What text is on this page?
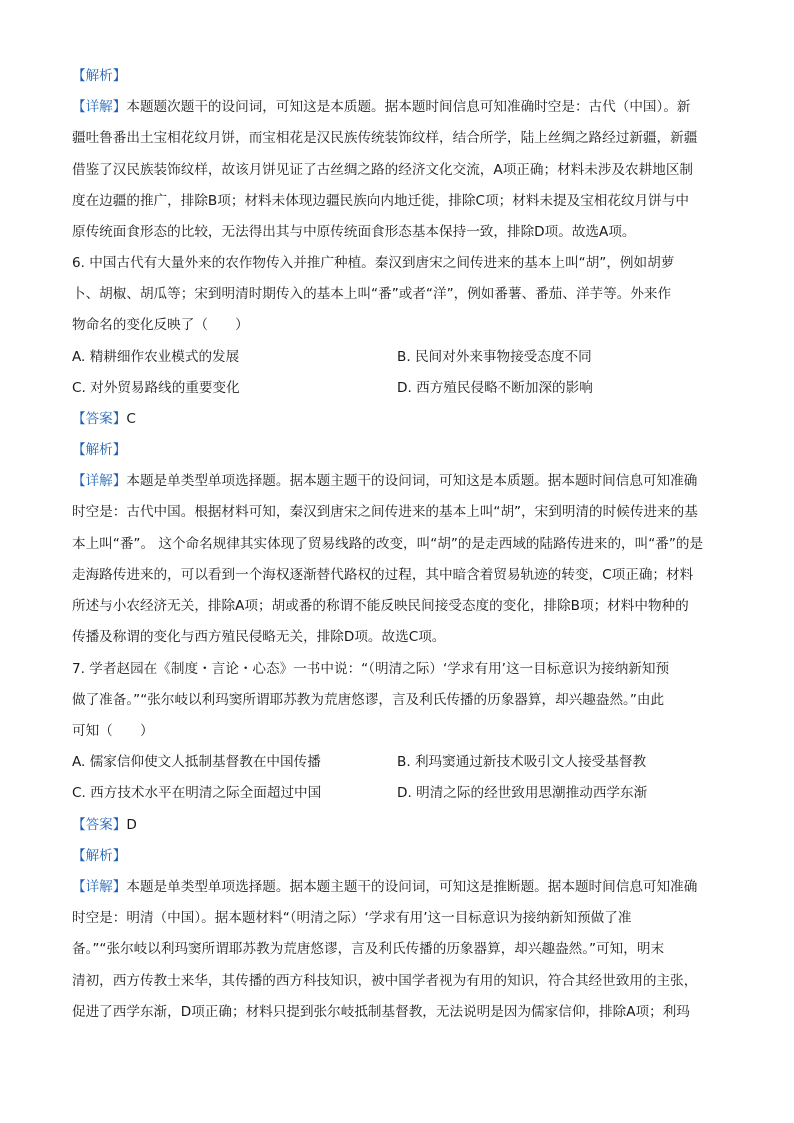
【解析】
【详解】本题题次题干的设问词，可知这是本质题。据本题时间信息可知准确时空是：古代（中国）。新
疆吐鲁番出土宝相花纹月饼，而宝相花是汉民族传统装饰纹样，结合所学，陆上丝绸之路经过新疆，新疆
借鉴了汉民族装饰纹样，故该月饼见证了古丝绸之路的经济文化交流，A项正确；材料未涉及农耕地区制
度在边疆的推广，排除B项；材料未体现边疆民族向内地迁徙，排除C项；材料未提及宝相花纹月饼与中
原传统面食形态的比较，无法得出其与中原传统面食形态基本保持一致，排除D项。故选A项。
6. 中国古代有大量外来的农作物传入并推广种植。秦汉到唐宋之间传进来的基本上叫“胡”，例如胡萝
卜、胡椒、胡瓜等；宋到明清时期传入的基本上叫“番”或者“洋”，例如番薯、番茄、洋芋等。外来作
物命名的变化反映了（　　）
A. 精耕细作农业模式的发展	B. 民间对外来事物接受态度不同
C. 对外贸易路线的重要变化	D. 西方殖民侵略不断加深的影响
【答案】C
【解析】
【详解】本题是单类型单项选择题。据本题主题干的设问词，可知这是本质题。据本题时间信息可知准确
时空是：古代中国。根据材料可知，秦汉到唐宋之间传进来的基本上叫“胡”，宋到明清的时候传进来的基
本上叫“番”。 这个命名规律其实体现了贸易线路的改变，叫“胡”的是走西域的陆路传进来的，叫“番”的是
走海路传进来的，可以看到一个海权逐渐替代路权的过程，其中暗含着贸易轨迹的转变，C项正确；材料
所述与小农经济无关，排除A项；胡或番的称谓不能反映民间接受态度的变化，排除B项；材料中物种的
传播及称谓的变化与西方殖民侵略无关，排除D项。故选C项。
7. 学者赵园在《制度・言论・心态》一书中说：“（明清之际）‘学求有用’这一目标意识为接纳新知预
做了准备。”“张尔岐以利玛窦所谓耶苏教为荒唐悠谬，言及利氏传播的历象器算，却兴趣盎然。”由此
可知（　　）
A. 儒家信仰使文人抵制基督教在中国传播	B. 利玛窦通过新技术吸引文人接受基督教
C. 西方技术水平在明清之际全面超过中国	D. 明清之际的经世致用思潮推动西学东渐
【答案】D
【解析】
【详解】本题是单类型单项选择题。据本题主题干的设问词，可知这是推断题。据本题时间信息可知准确
时空是：明清（中国）。据本题材料“（明清之际）‘学求有用’这一目标意识为接纳新知预做了准
备。”“张尔岐以利玛窦所谓耶苏教为荒唐悠谬，言及利氏传播的历象器算，却兴趣盎然。”可知，明末
清初，西方传教士来华，其传播的西方科技知识，被中国学者视为有用的知识，符合其经世致用的主张，
促进了西学东渐，D项正确；材料只提到张尔岐抵制基督教，无法说明是因为儒家信仰，排除A项；利玛
